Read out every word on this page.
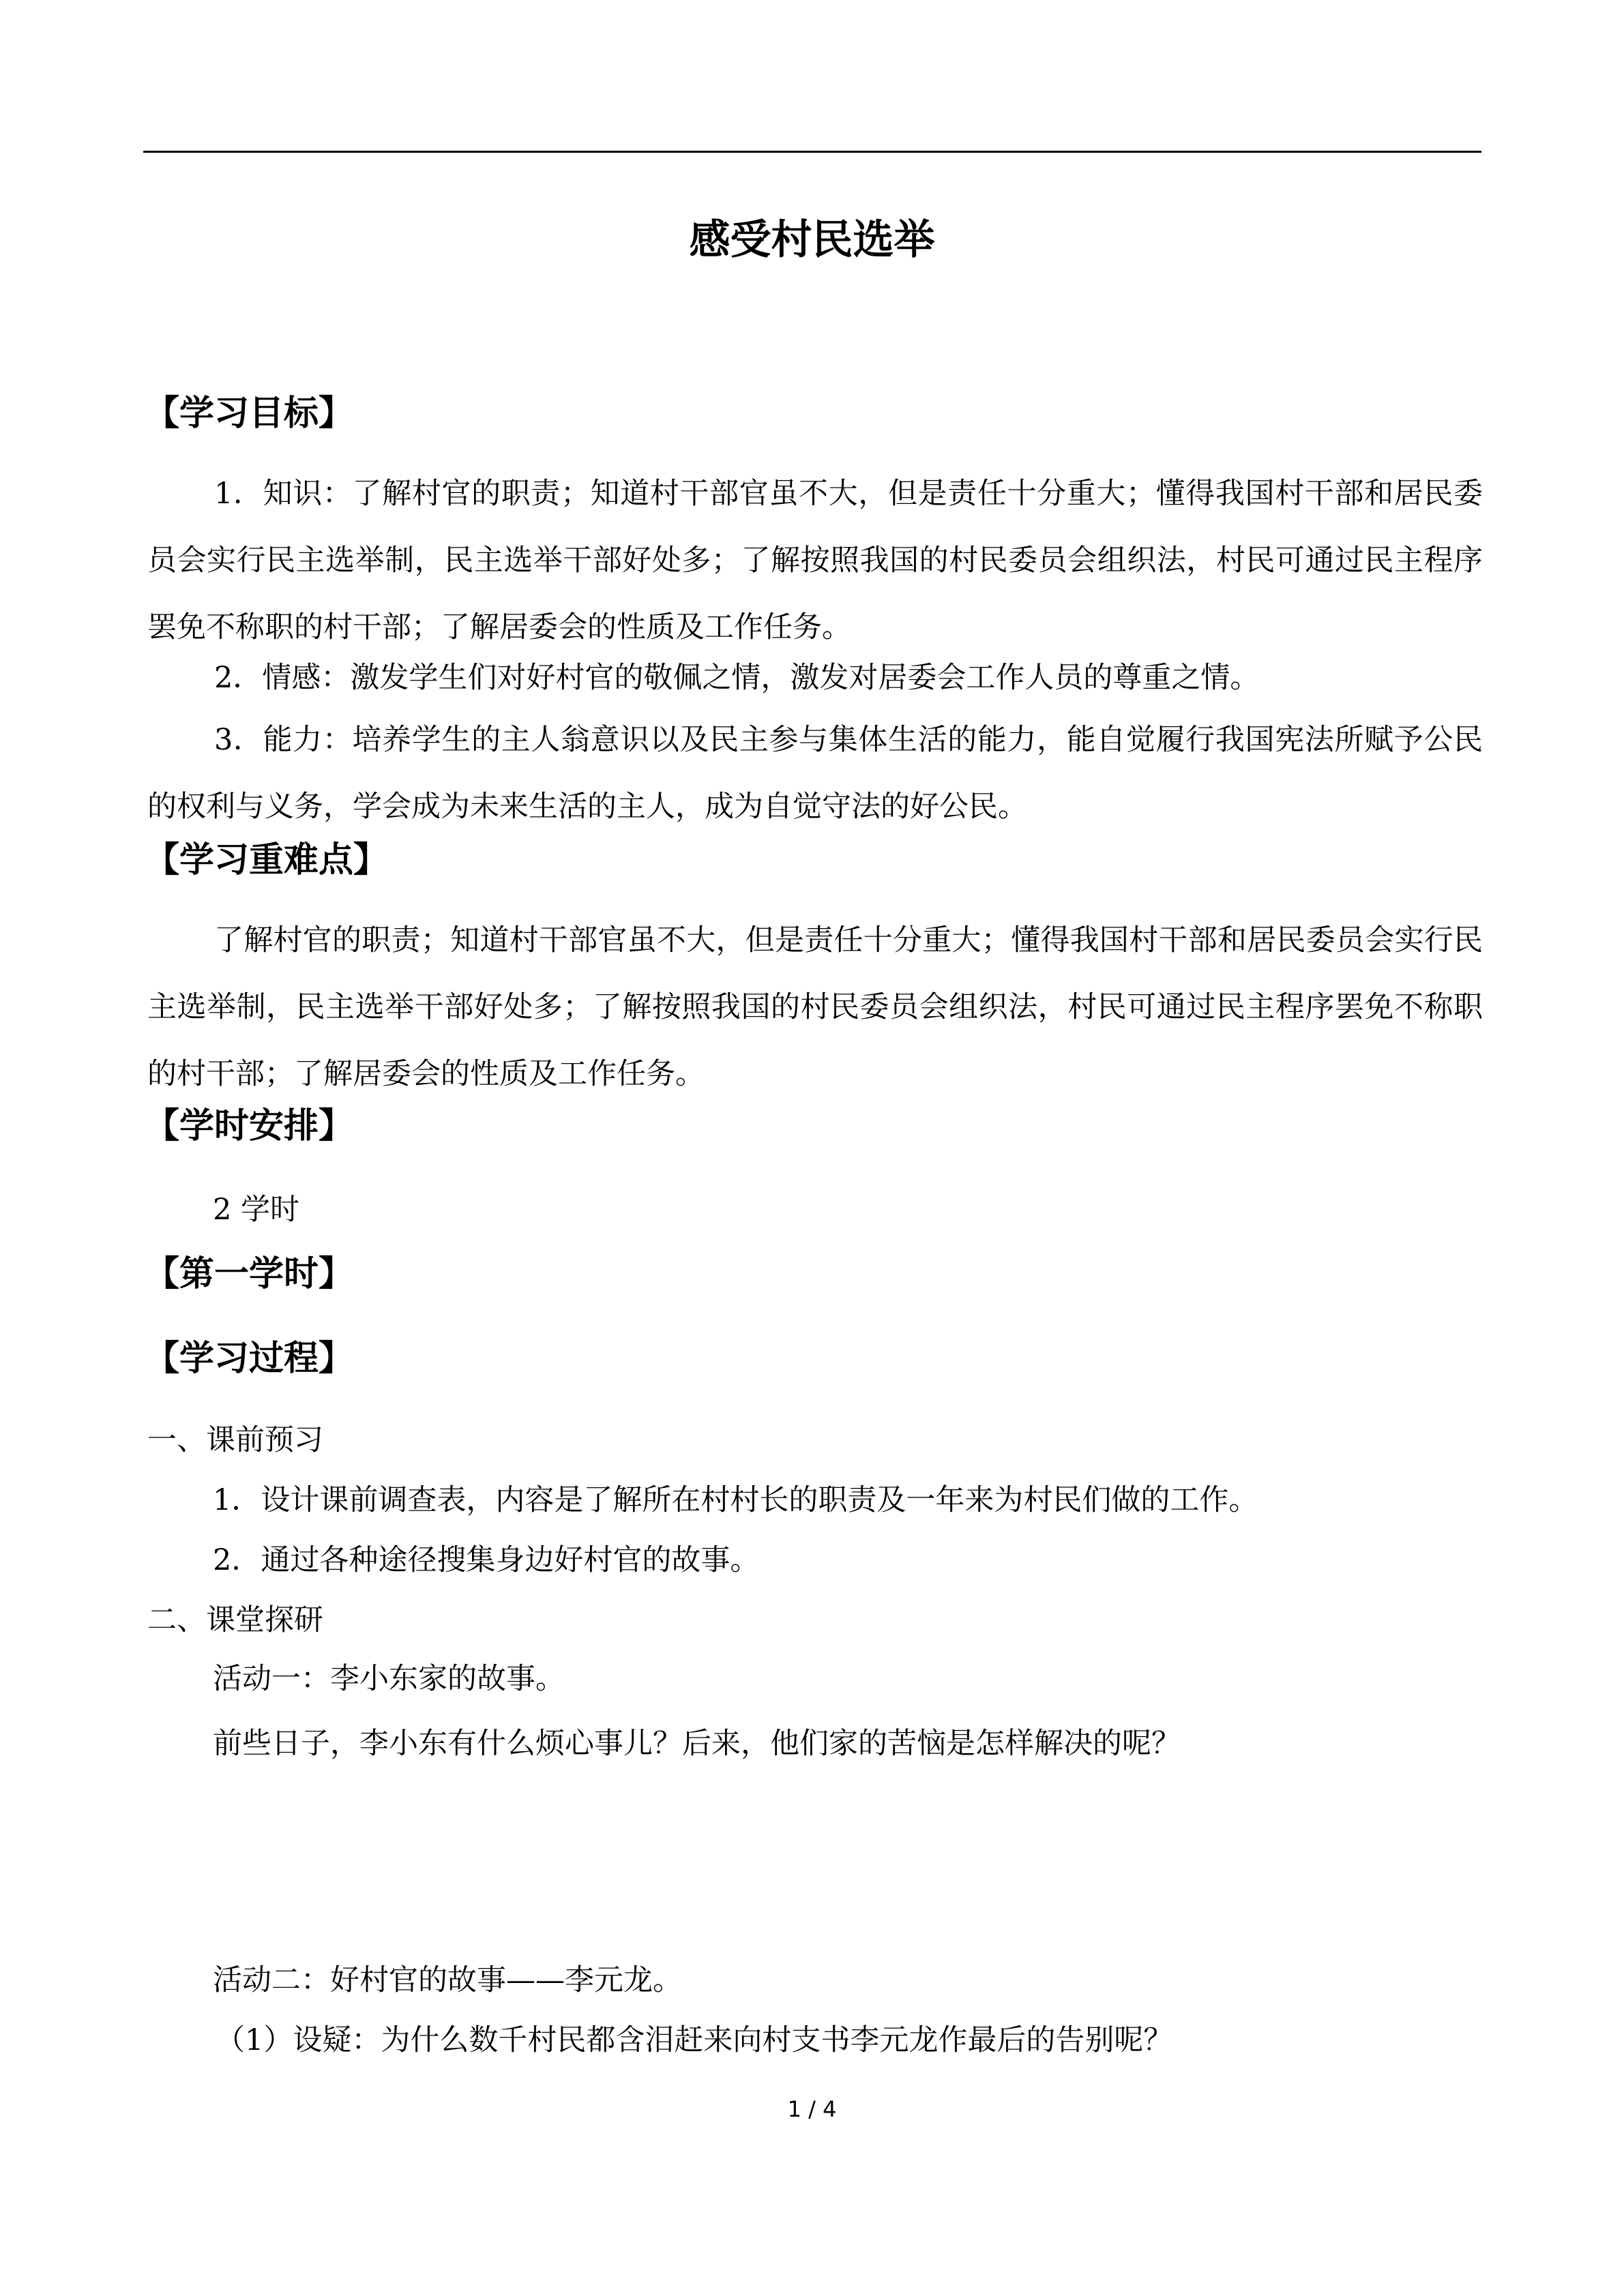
感受村民选举
【学习目标】
1．知识：了解村官的职责；知道村干部官虽不大，但是责任十分重大；懂得我国村干部和居民委员会实行民主选举制，民主选举干部好处多；了解按照我国的村民委员会组织法，村民可通过民主程序罢免不称职的村干部；了解居委会的性质及工作任务。
2．情感：激发学生们对好村官的敬佩之情，激发对居委会工作人员的尊重之情。
3．能力：培养学生的主人翁意识以及民主参与集体生活的能力，能自觉履行我国宪法所赋予公民的权利与义务，学会成为未来生活的主人，成为自觉守法的好公民。
【学习重难点】
了解村官的职责；知道村干部官虽不大，但是责任十分重大；懂得我国村干部和居民委员会实行民主选举制，民主选举干部好处多；了解按照我国的村民委员会组织法，村民可通过民主程序罢免不称职的村干部；了解居委会的性质及工作任务。
【学时安排】
2 学时
【第一学时】
【学习过程】
一、课前预习
1．设计课前调查表，内容是了解所在村村长的职责及一年来为村民们做的工作。
2．通过各种途径搜集身边好村官的故事。
二、课堂探研
活动一：李小东家的故事。
前些日子，李小东有什么烦心事儿？后来，他们家的苦恼是怎样解决的呢？
活动二：好村官的故事——李元龙。
（1）设疑：为什么数千村民都含泪赶来向村支书李元龙作最后的告别呢？
1 / 4
